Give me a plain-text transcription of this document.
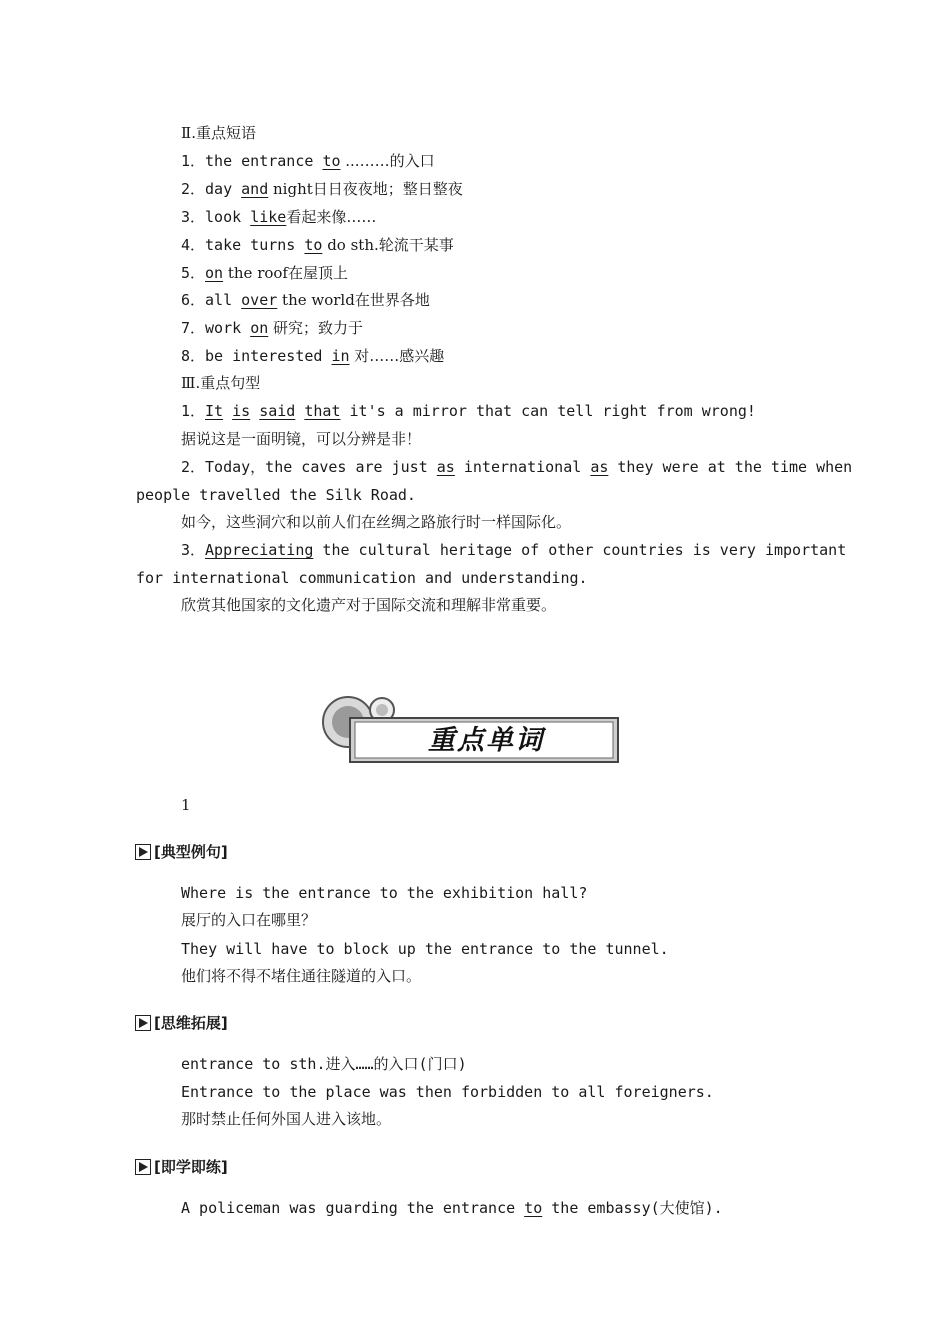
Ⅱ.重点短语
1．the entrance to ...……的入口
2．day and night日日夜夜地；整日整夜
3．look like看起来像……
4．take turns to do sth.轮流干某事
5．on the roof在屋顶上
6．all over the world在世界各地
7．work on 研究；致力于
8．be interested in 对……感兴趣
Ⅲ.重点句型
1．It is said that it's a mirror that can tell right from wrong!
据说这是一面明镜，可以分辨是非！
2．Today，the caves are just as international as they were at the time when
people travelled the Silk Road.
如今，这些洞穴和以前人们在丝绸之路旅行时一样国际化。
3．Appreciating the cultural heritage of other countries is very important
for international communication and understanding.
欣赏其他国家的文化遗产对于国际交流和理解非常重要。
重点单词
1
[典型例句]
Where is the entrance to the exhibition hall?
展厅的入口在哪里？
They will have to block up the entrance to the tunnel.
他们将不得不堵住通往隧道的入口。
[思维拓展]
entrance to sth.进入……的入口(门口)
Entrance to the place was then forbidden to all foreigners.
那时禁止任何外国人进入该地。
[即学即练]
A policeman was guarding the entrance to the embassy(大使馆).
